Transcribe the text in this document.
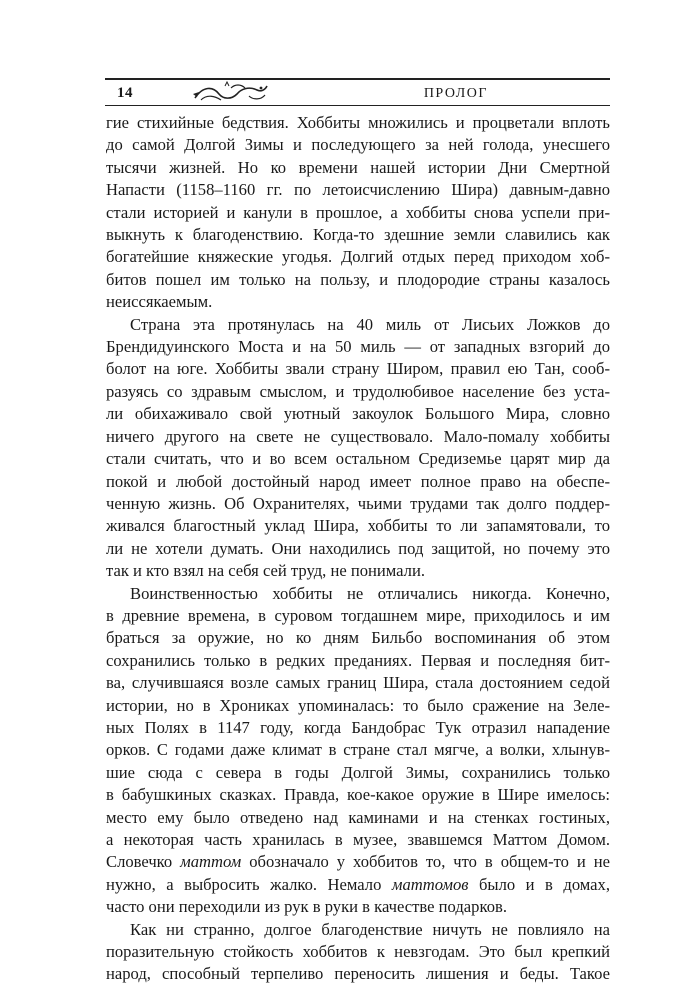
14	ПРОЛОГ

гие стихийные бедствия. Хоббиты множились и процветали вплоть
до самой Долгой Зимы и последующего за ней голода, унесшего
тысячи жизней. Но ко времени нашей истории Дни Смертной
Напасти (1158–1160 гг. по летоисчислению Шира) давным-давно
стали историей и канули в прошлое, а хоббиты снова успели при-
выкнуть к благоденствию. Когда-то здешние земли славились как
богатейшие княжеские угодья. Долгий отдых перед приходом хоб-
битов пошел им только на пользу, и плодородие страны казалось
неиссякаемым.

Страна эта протянулась на 40 миль от Лисьих Ложков до
Брендидуинского Моста и на 50 миль — от западных взгорий до
болот на юге. Хоббиты звали страну Широм, правил ею Тан, сооб-
разуясь со здравым смыслом, и трудолюбивое население без уста-
ли обихаживало свой уютный закоулок Большого Мира, словно
ничего другого на свете не существовало. Мало-помалу хоббиты
стали считать, что и во всем остальном Средиземье царят мир да
покой и любой достойный народ имеет полное право на обеспе-
ченную жизнь. Об Охранителях, чьими трудами так долго поддер-
живался благостный уклад Шира, хоббиты то ли запамятовали, то
ли не хотели думать. Они находились под защитой, но почему это
так и кто взял на себя сей труд, не понимали.

Воинственностью хоббиты не отличались никогда. Конечно,
в древние времена, в суровом тогдашнем мире, приходилось и им
браться за оружие, но ко дням Бильбо воспоминания об этом
сохранились только в редких преданиях. Первая и последняя бит-
ва, случившаяся возле самых границ Шира, стала достоянием седой
истории, но в Хрониках упоминалась: то было сражение на Зеле-
ных Полях в 1147 году, когда Бандобрас Тук отразил нападение
орков. С годами даже климат в стране стал мягче, а волки, хлынув-
шие сюда с севера в годы Долгой Зимы, сохранились только
в бабушкиных сказках. Правда, кое-какое оружие в Шире имелось:
место ему было отведено над каминами и на стенках гостиных,
а некоторая часть хранилась в музее, звавшемся Маттом Домом.
Словечко маттом обозначало у хоббитов то, что в общем-то и не
нужно, а выбросить жалко. Немало маттомов было и в домах,
часто они переходили из рук в руки в качестве подарков.

Как ни странно, долгое благоденствие ничуть не повлияло на
поразительную стойкость хоббитов к невзгодам. Это был крепкий
народ, способный терпеливо переносить лишения и беды. Такое
